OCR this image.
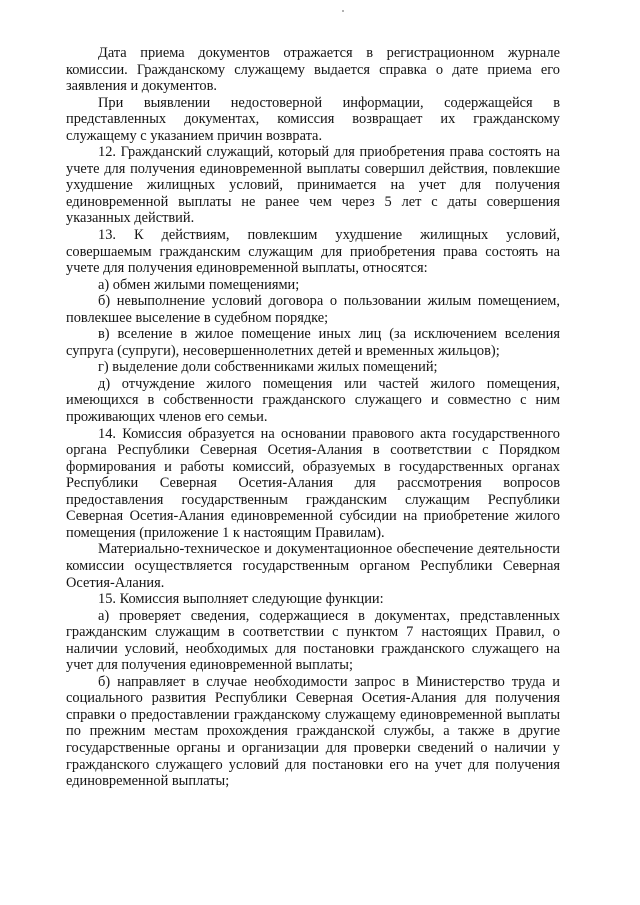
Дата приема документов отражается в регистрационном журнале комиссии. Гражданскому служащему выдается справка о дате приема его заявления и документов.

При выявлении недостоверной информации, содержащейся в представленных документах, комиссия возвращает их гражданскому служащему с указанием причин возврата.

12. Гражданский служащий, который для приобретения права состоять на учете для получения единовременной выплаты совершил действия, повлекшие ухудшение жилищных условий, принимается на учет для получения единовременной выплаты не ранее чем через 5 лет с даты совершения указанных действий.

13. К действиям, повлекшим ухудшение жилищных условий, совершаемым гражданским служащим для приобретения права состоять на учете для получения единовременной выплаты, относятся:

а) обмен жилыми помещениями;

б) невыполнение условий договора о пользовании жилым помещением, повлекшее выселение в судебном порядке;

в) вселение в жилое помещение иных лиц (за исключением вселения супруга (супруги), несовершеннолетних детей и временных жильцов);

г) выделение доли собственниками жилых помещений;

д) отчуждение жилого помещения или частей жилого помещения, имеющихся в собственности гражданского служащего и совместно с ним проживающих членов его семьи.

14. Комиссия образуется на основании правового акта государственного органа Республики Северная Осетия-Алания в соответствии с Порядком формирования и работы комиссий, образуемых в государственных органах Республики Северная Осетия-Алания для рассмотрения вопросов предоставления государственным гражданским служащим Республики Северная Осетия-Алания единовременной субсидии на приобретение жилого помещения (приложение 1 к настоящим Правилам).

Материально-техническое и документационное обеспечение деятельности комиссии осуществляется государственным органом Республики Северная Осетия-Алания.

15. Комиссия выполняет следующие функции:

а) проверяет сведения, содержащиеся в документах, представленных гражданским служащим в соответствии с пунктом 7 настоящих Правил, о наличии условий, необходимых для постановки гражданского служащего на учет для получения единовременной выплаты;

б) направляет в случае необходимости запрос в Министерство труда и социального развития Республики Северная Осетия-Алания для получения справки о предоставлении гражданскому служащему единовременной выплаты по прежним местам прохождения гражданской службы, а также в другие государственные органы и организации для проверки сведений о наличии у гражданского служащего условий для постановки его на учет для получения единовременной выплаты;
